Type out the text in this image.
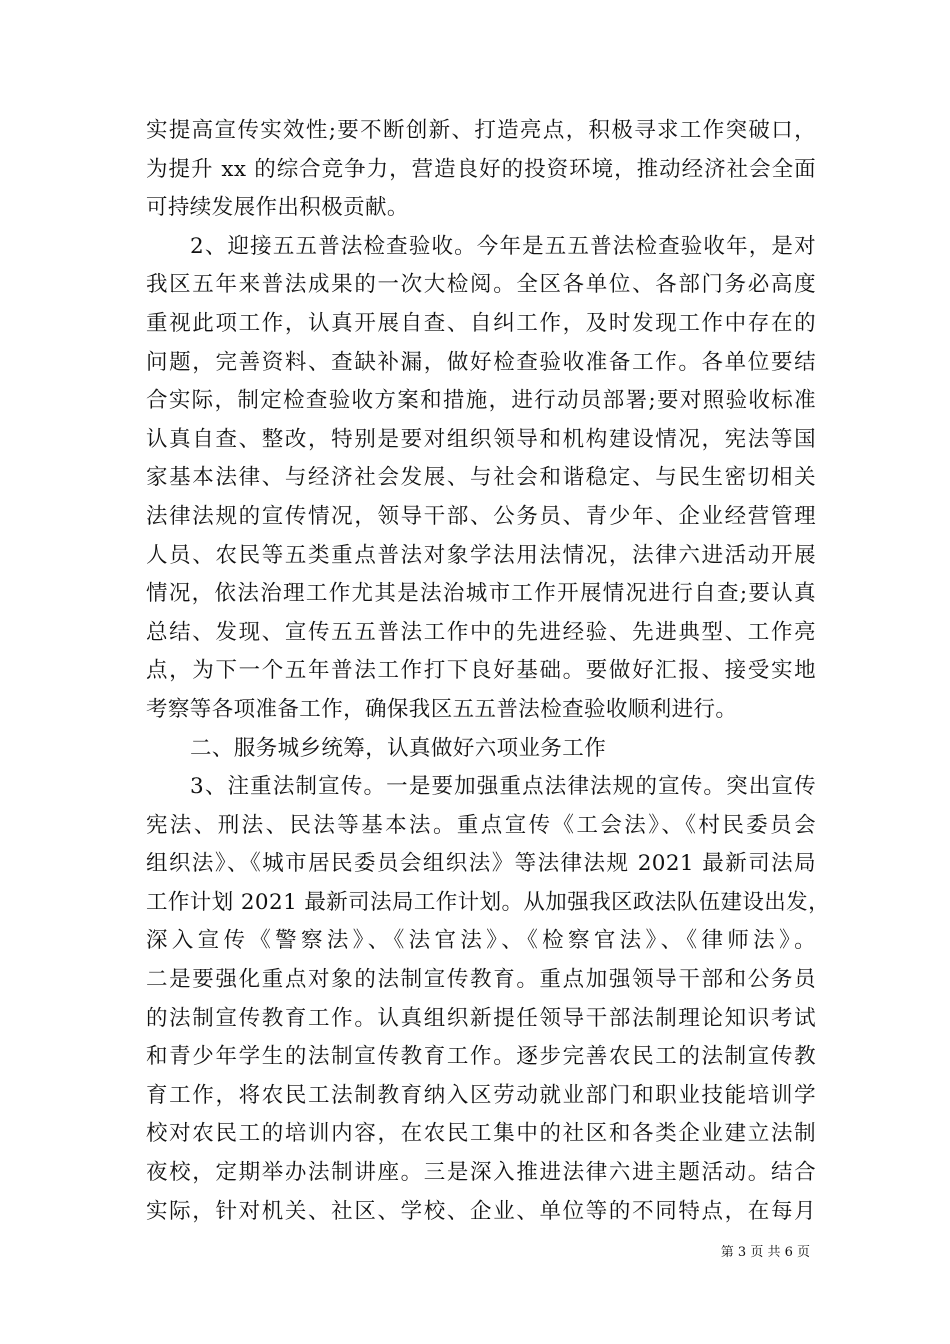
实提高宣传实效性;要不断创新、打造亮点，积极寻求工作突破口，
为提升 xx 的综合竞争力，营造良好的投资环境，推动经济社会全面
可持续发展作出积极贡献。
2、迎接五五普法检查验收。今年是五五普法检查验收年，是对
我区五年来普法成果的一次大检阅。全区各单位、各部门务必高度
重视此项工作，认真开展自查、自纠工作，及时发现工作中存在的
问题，完善资料、查缺补漏，做好检查验收准备工作。各单位要结
合实际，制定检查验收方案和措施，进行动员部署;要对照验收标准
认真自查、整改，特别是要对组织领导和机构建设情况，宪法等国
家基本法律、与经济社会发展、与社会和谐稳定、与民生密切相关
法律法规的宣传情况，领导干部、公务员、青少年、企业经营管理
人员、农民等五类重点普法对象学法用法情况，法律六进活动开展
情况，依法治理工作尤其是法治城市工作开展情况进行自查;要认真
总结、发现、宣传五五普法工作中的先进经验、先进典型、工作亮
点，为下一个五年普法工作打下良好基础。要做好汇报、接受实地
考察等各项准备工作，确保我区五五普法检查验收顺利进行。
二、服务城乡统筹，认真做好六项业务工作
3、注重法制宣传。一是要加强重点法律法规的宣传。突出宣传
宪法、刑法、民法等基本法。重点宣传《工会法》、《村民委员会
组织法》、《城市居民委员会组织法》等法律法规 2021 最新司法局
工作计划 2021 最新司法局工作计划。从加强我区政法队伍建设出发，
深入宣传《警察法》、《法官法》、《检察官法》、《律师法》。
二是要强化重点对象的法制宣传教育。重点加强领导干部和公务员
的法制宣传教育工作。认真组织新提任领导干部法制理论知识考试
和青少年学生的法制宣传教育工作。逐步完善农民工的法制宣传教
育工作，将农民工法制教育纳入区劳动就业部门和职业技能培训学
校对农民工的培训内容，在农民工集中的社区和各类企业建立法制
夜校，定期举办法制讲座。三是深入推进法律六进主题活动。结合
实际，针对机关、社区、学校、企业、单位等的不同特点，在每月
第 3 页 共 6 页
